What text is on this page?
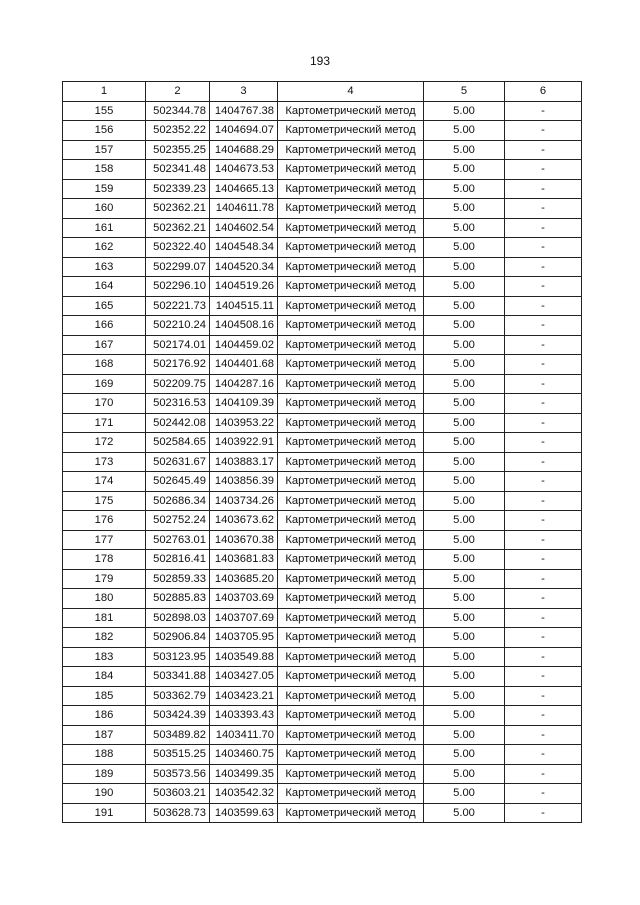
193
1	2	3	4	5	6
155	502344.78	1404767.38	Картометрический метод	5.00	-
156	502352.22	1404694.07	Картометрический метод	5.00	-
157	502355.25	1404688.29	Картометрический метод	5.00	-
158	502341.48	1404673.53	Картометрический метод	5.00	-
159	502339.23	1404665.13	Картометрический метод	5.00	-
160	502362.21	1404611.78	Картометрический метод	5.00	-
161	502362.21	1404602.54	Картометрический метод	5.00	-
162	502322.40	1404548.34	Картометрический метод	5.00	-
163	502299.07	1404520.34	Картометрический метод	5.00	-
164	502296.10	1404519.26	Картометрический метод	5.00	-
165	502221.73	1404515.11	Картометрический метод	5.00	-
166	502210.24	1404508.16	Картометрический метод	5.00	-
167	502174.01	1404459.02	Картометрический метод	5.00	-
168	502176.92	1404401.68	Картометрический метод	5.00	-
169	502209.75	1404287.16	Картометрический метод	5.00	-
170	502316.53	1404109.39	Картометрический метод	5.00	-
171	502442.08	1403953.22	Картометрический метод	5.00	-
172	502584.65	1403922.91	Картометрический метод	5.00	-
173	502631.67	1403883.17	Картометрический метод	5.00	-
174	502645.49	1403856.39	Картометрический метод	5.00	-
175	502686.34	1403734.26	Картометрический метод	5.00	-
176	502752.24	1403673.62	Картометрический метод	5.00	-
177	502763.01	1403670.38	Картометрический метод	5.00	-
178	502816.41	1403681.83	Картометрический метод	5.00	-
179	502859.33	1403685.20	Картометрический метод	5.00	-
180	502885.83	1403703.69	Картометрический метод	5.00	-
181	502898.03	1403707.69	Картометрический метод	5.00	-
182	502906.84	1403705.95	Картометрический метод	5.00	-
183	503123.95	1403549.88	Картометрический метод	5.00	-
184	503341.88	1403427.05	Картометрический метод	5.00	-
185	503362.79	1403423.21	Картометрический метод	5.00	-
186	503424.39	1403393.43	Картометрический метод	5.00	-
187	503489.82	1403411.70	Картометрический метод	5.00	-
188	503515.25	1403460.75	Картометрический метод	5.00	-
189	503573.56	1403499.35	Картометрический метод	5.00	-
190	503603.21	1403542.32	Картометрический метод	5.00	-
191	503628.73	1403599.63	Картометрический метод	5.00	-
